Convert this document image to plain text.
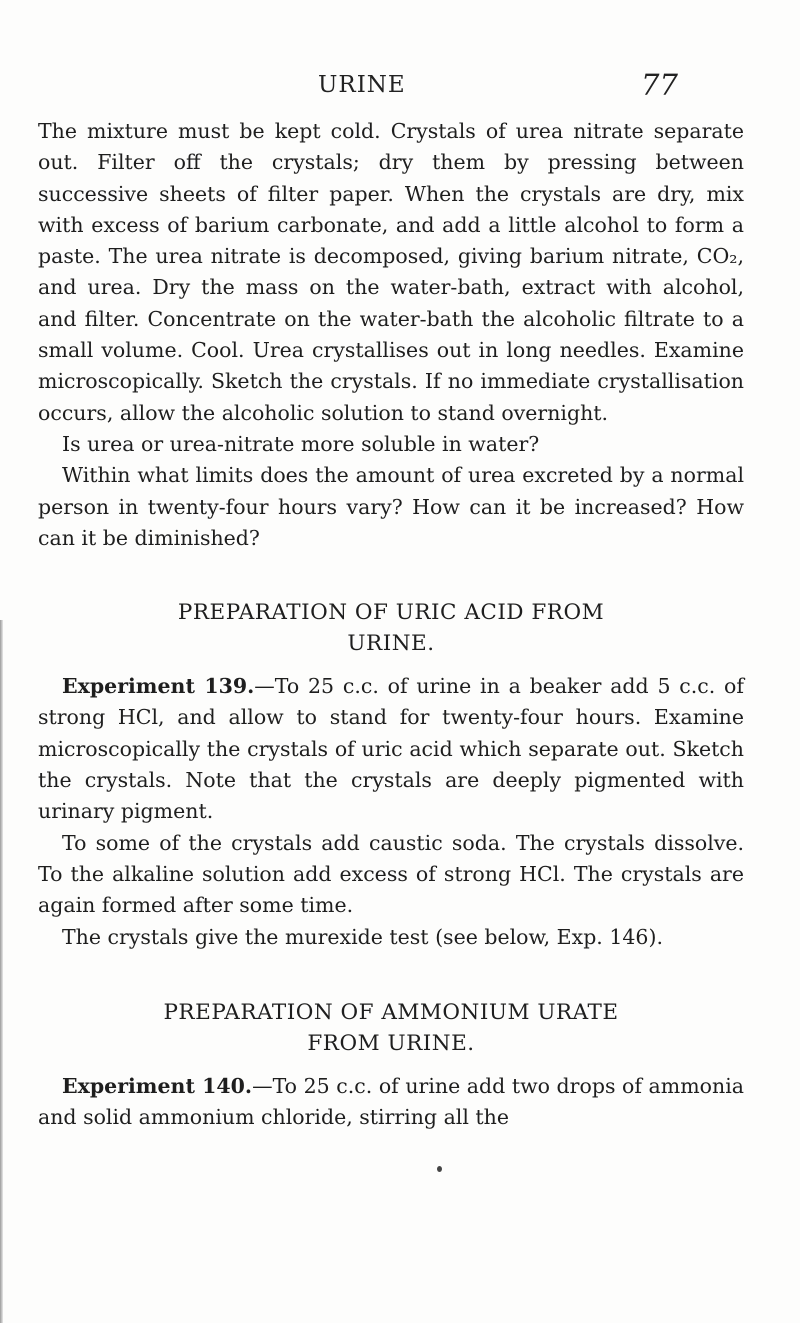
URINE	77

The mixture must be kept cold. Crystals of urea nitrate separate out. Filter off the crystals; dry them by pressing between successive sheets of filter paper. When the crystals are dry, mix with excess of barium carbonate, and add a little alcohol to form a paste. The urea nitrate is decomposed, giving barium nitrate, CO₂, and urea. Dry the mass on the water-bath, extract with alcohol, and filter. Concentrate on the water-bath the alcoholic filtrate to a small volume. Cool. Urea crystallises out in long needles. Examine microscopically. Sketch the crystals. If no immediate crystallisation occurs, allow the alcoholic solution to stand overnight.

Is urea or urea-nitrate more soluble in water?

Within what limits does the amount of urea excreted by a normal person in twenty-four hours vary? How can it be increased? How can it be diminished?

PREPARATION OF URIC ACID FROM
URINE.

Experiment 139.—To 25 c.c. of urine in a beaker add 5 c.c. of strong HCl, and allow to stand for twenty-four hours. Examine microscopically the crystals of uric acid which separate out. Sketch the crystals. Note that the crystals are deeply pigmented with urinary pigment.

To some of the crystals add caustic soda. The crystals dissolve. To the alkaline solution add excess of strong HCl. The crystals are again formed after some time.

The crystals give the murexide test (see below, Exp. 146).

PREPARATION OF AMMONIUM URATE
FROM URINE.

Experiment 140.—To 25 c.c. of urine add two drops of ammonia and solid ammonium chloride, stirring all the
